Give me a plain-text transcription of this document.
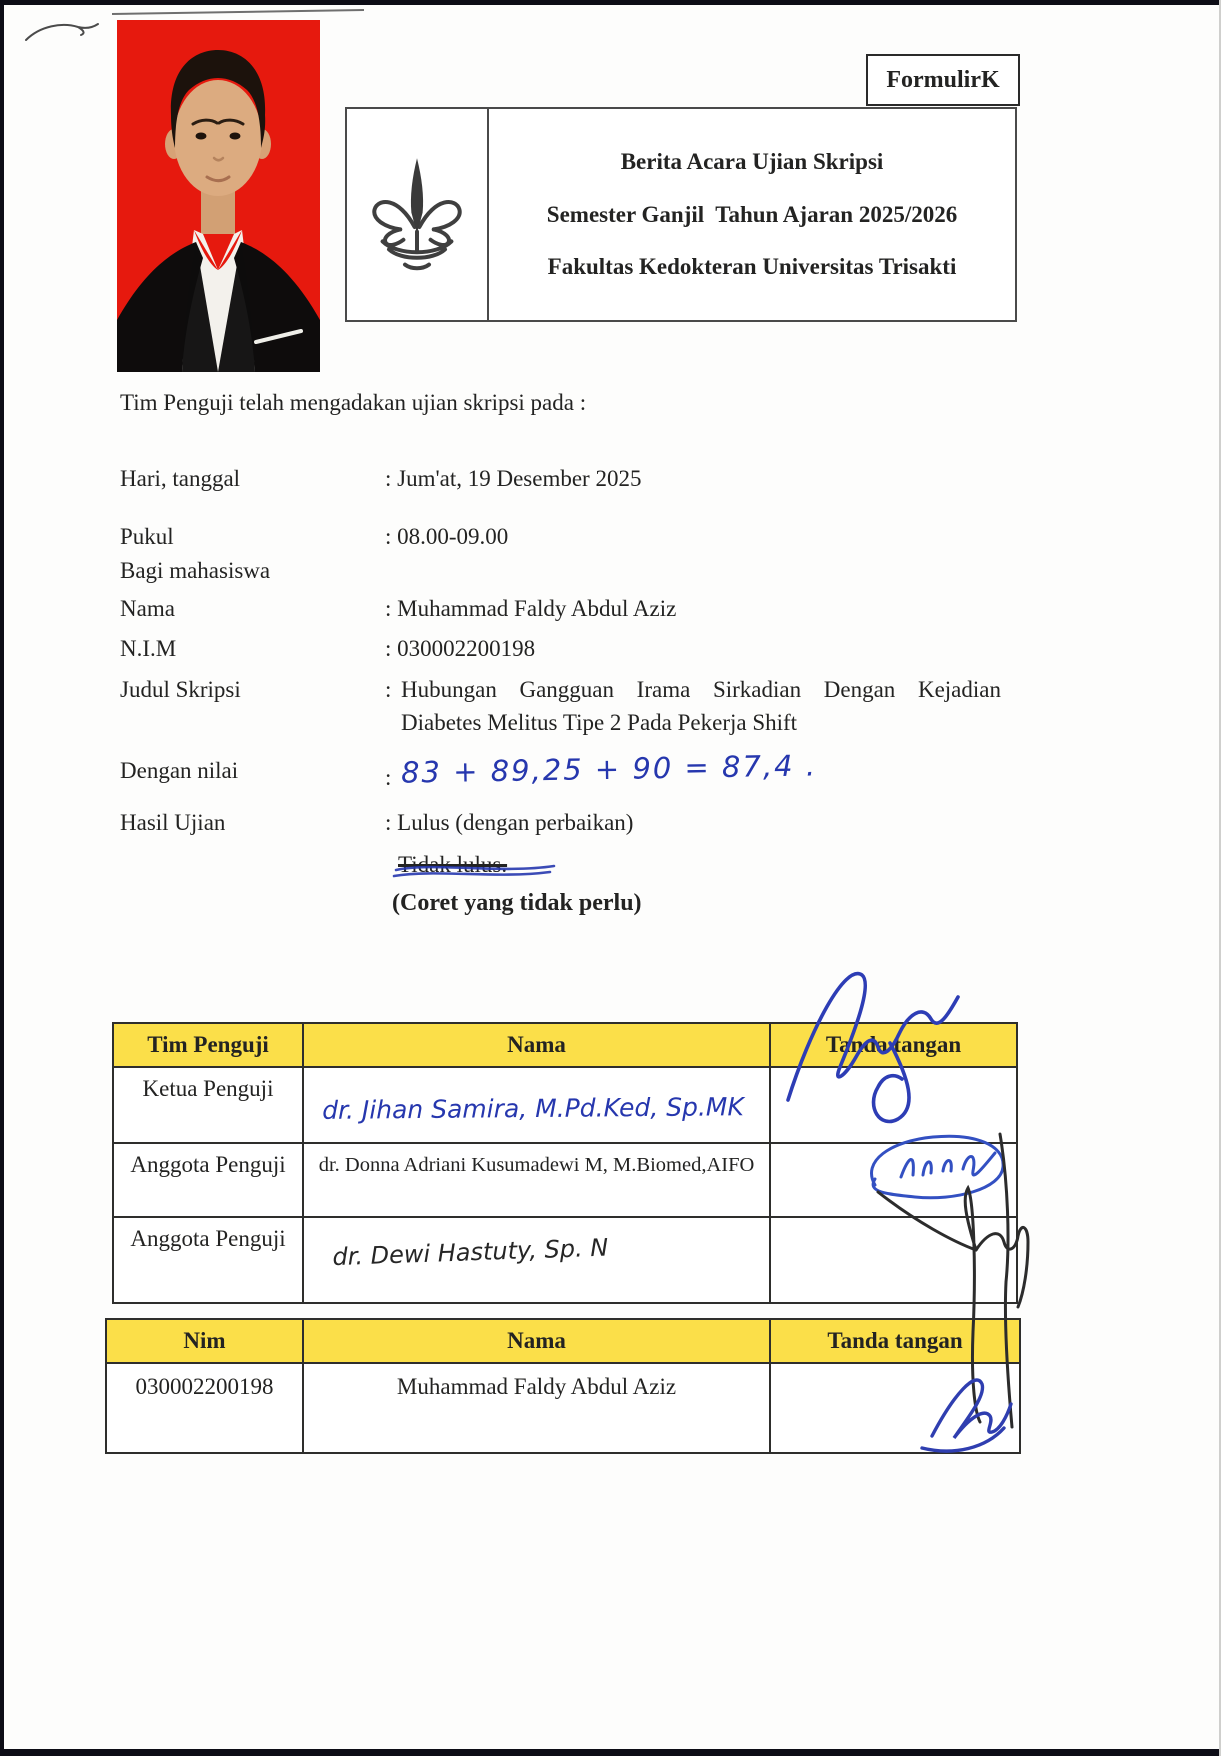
FormulirK
Berita Acara Ujian Skripsi
Semester Ganjil  Tahun Ajaran 2025/2026
Fakultas Kedokteran Universitas Trisakti
Tim Penguji telah mengadakan ujian skripsi pada :
Hari, tanggal	: Jum'at, 19 Desember 2025
Pukul	: 08.00-09.00
Bagi mahasiswa
Nama	: Muhammad Faldy Abdul Aziz
N.I.M	: 030002200198
Judul Skripsi	: Hubungan Gangguan Irama Sirkadian Dengan Kejadian
Diabetes Melitus Tipe 2 Pada Pekerja Shift
Dengan nilai	: 83 + 89,25 + 90 = 87,4 .
Hasil Ujian	: Lulus (dengan perbaikan)
Tidak lulus.
(Coret yang tidak perlu)
Tim Penguji	Nama	Tanda tangan
Ketua Penguji	dr. Jihan Samira, M.Pd.Ked, Sp.MK	

Anggota Penguji	dr. Donna Adriani Kusumadewi M, M.Biomed,AIFO	

Anggota Penguji	dr. Dewi Hastuty, Sp. N	

Nim	Nama	Tanda tangan
030002200198	Muhammad Faldy Abdul Aziz	
